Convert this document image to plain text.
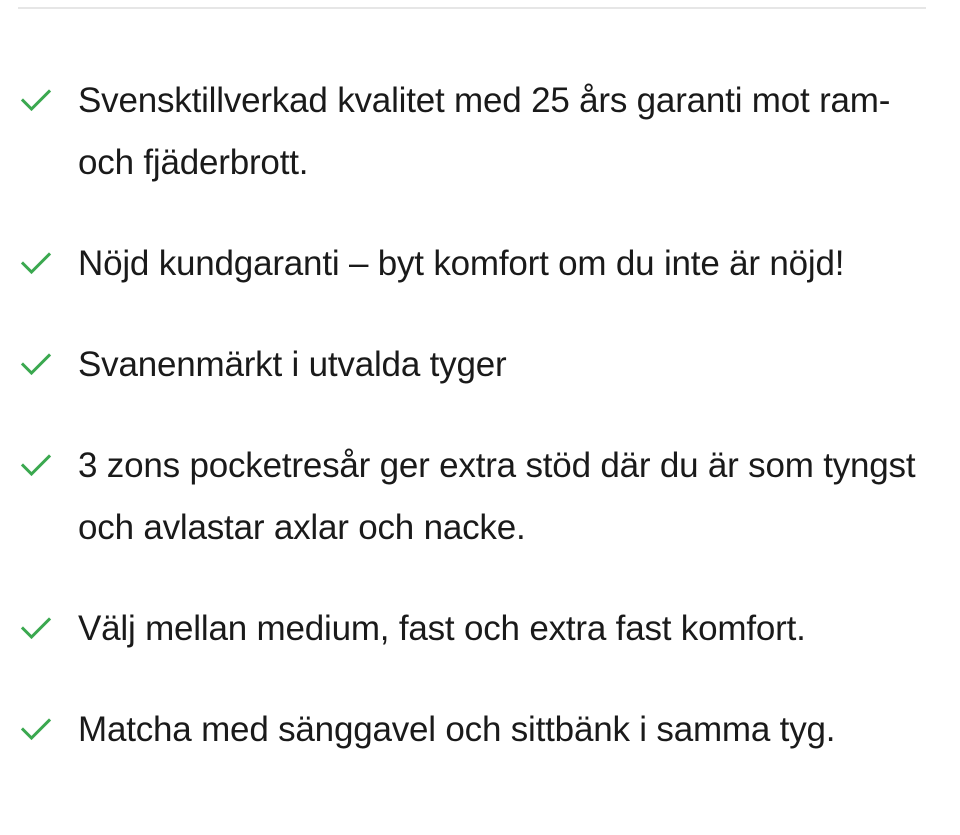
Svensktillverkad kvalitet med 25 års garanti mot ram- och fjäderbrott.
Nöjd kundgaranti – byt komfort om du inte är nöjd!
Svanenmärkt i utvalda tyger
3 zons pocketresår ger extra stöd där du är som tyngst och avlastar axlar och nacke.
Välj mellan medium, fast och extra fast komfort.
Matcha med sänggavel och sittbänk i samma tyg.
